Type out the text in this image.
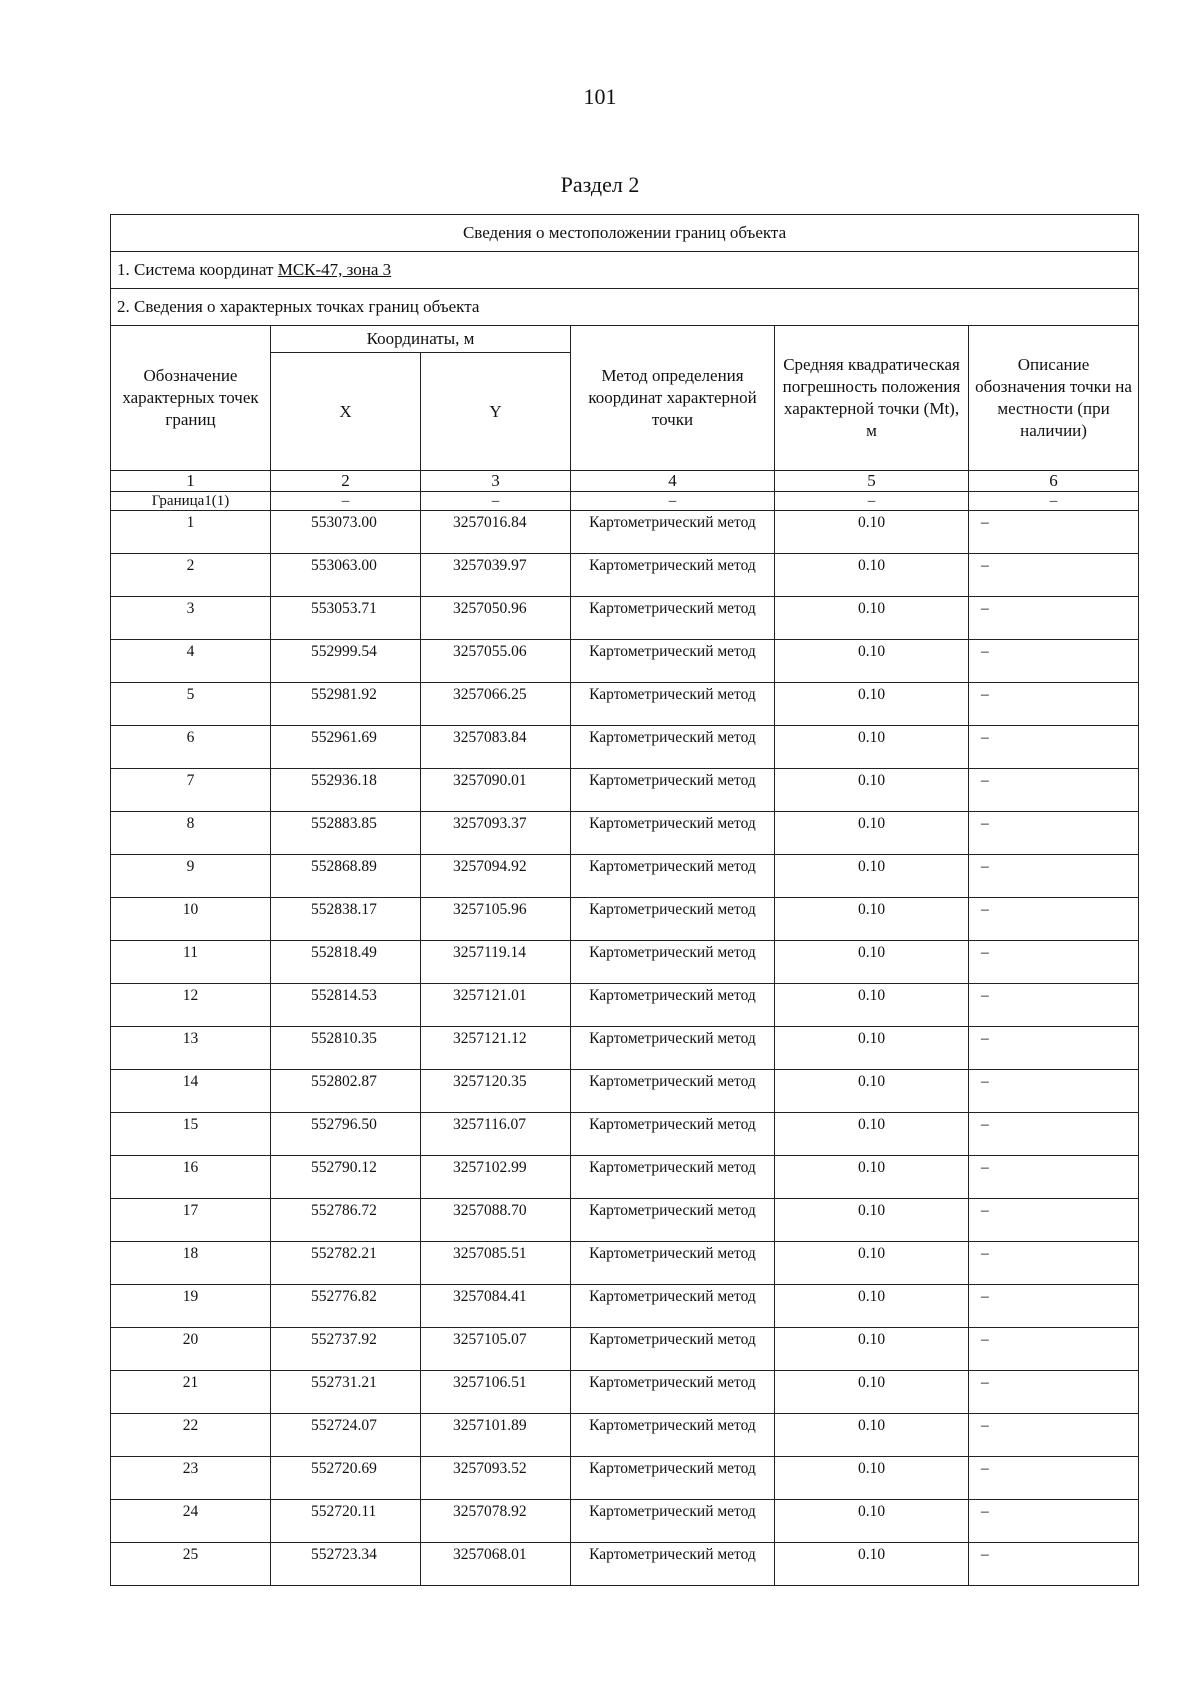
101
Раздел 2
Сведения о местоположении границ объекта					
1. Система координат МСК-47, зона 3					
2. Сведения о характерных точках границ объекта					
Обозначение характерных точек границ	Координаты, м		Метод определения координат характерной точки	Средняя квадратическая погрешность положения характерной точки (Mt), м	Описание обозначения точки на местности (при наличии)
	X	Y			
1	2	3	4	5	6
Граница1(1)	–	–	–	–	–
1	553073.00	3257016.84	Картометрический метод	0.10	–
2	553063.00	3257039.97	Картометрический метод	0.10	–
3	553053.71	3257050.96	Картометрический метод	0.10	–
4	552999.54	3257055.06	Картометрический метод	0.10	–
5	552981.92	3257066.25	Картометрический метод	0.10	–
6	552961.69	3257083.84	Картометрический метод	0.10	–
7	552936.18	3257090.01	Картометрический метод	0.10	–
8	552883.85	3257093.37	Картометрический метод	0.10	–
9	552868.89	3257094.92	Картометрический метод	0.10	–
10	552838.17	3257105.96	Картометрический метод	0.10	–
11	552818.49	3257119.14	Картометрический метод	0.10	–
12	552814.53	3257121.01	Картометрический метод	0.10	–
13	552810.35	3257121.12	Картометрический метод	0.10	–
14	552802.87	3257120.35	Картометрический метод	0.10	–
15	552796.50	3257116.07	Картометрический метод	0.10	–
16	552790.12	3257102.99	Картометрический метод	0.10	–
17	552786.72	3257088.70	Картометрический метод	0.10	–
18	552782.21	3257085.51	Картометрический метод	0.10	–
19	552776.82	3257084.41	Картометрический метод	0.10	–
20	552737.92	3257105.07	Картометрический метод	0.10	–
21	552731.21	3257106.51	Картометрический метод	0.10	–
22	552724.07	3257101.89	Картометрический метод	0.10	–
23	552720.69	3257093.52	Картометрический метод	0.10	–
24	552720.11	3257078.92	Картометрический метод	0.10	–
25	552723.34	3257068.01	Картометрический метод	0.10	–
